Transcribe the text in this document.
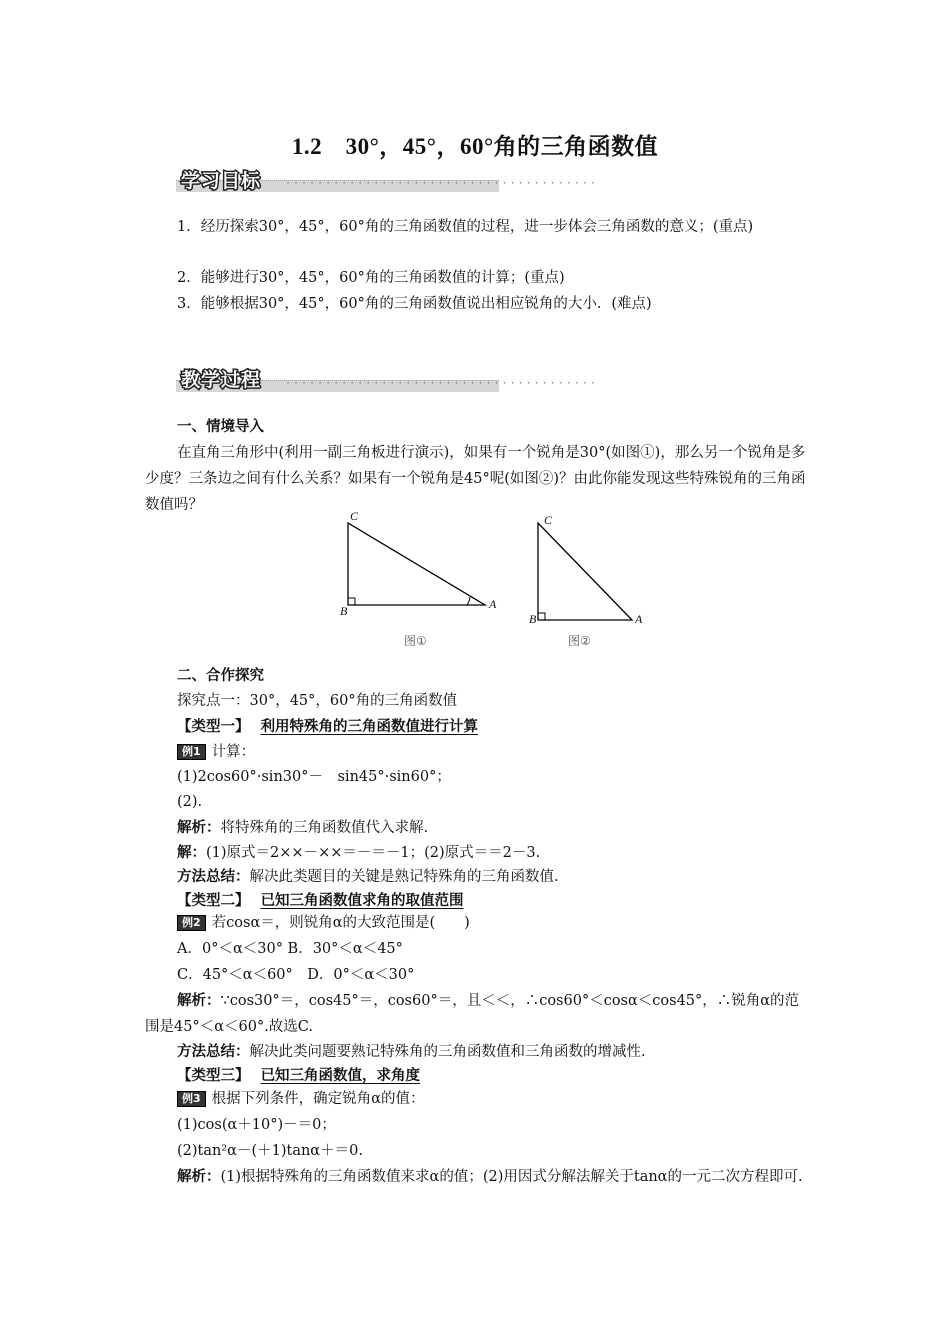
1.2　30°，45°，60°角的三角函数值
学习目标 ·······································
1．经历探索30°，45°，60°角的三角函数值的过程，进一步体会三角函数的意义；(重点)
2．能够进行30°，45°，60°角的三角函数值的计算；(重点)
3．能够根据30°，45°，60°角的三角函数值说出相应锐角的大小．(难点)
教学过程 ·······································
一、情境导入
在直角三角形中(利用一副三角板进行演示)，如果有一个锐角是30°(如图①)，那么另一个锐角是多少度？三条边之间有什么关系？如果有一个锐角是45°呢(如图②)？由此你能发现这些特殊锐角的三角函数值吗？
C
B	A
C
B	A
图①	图②
二、合作探究
探究点一：30°，45°，60°角的三角函数值
【类型一】 利用特殊角的三角函数值进行计算
例1 计算：
(1)2cos60°·sin30°－　sin45°·sin60°；
(2).
解析：将特殊角的三角函数值代入求解.
解：(1)原式＝2××－××＝－＝－1；(2)原式＝＝2－3.
方法总结：解决此类题目的关键是熟记特殊角的三角函数值.
【类型二】 已知三角函数值求角的取值范围
例2 若cosα＝，则锐角α的大致范围是(　　)
A．0°＜α＜30° B．30°＜α＜45°
C．45°＜α＜60°　D．0°＜α＜30°
解析：∵cos30°＝，cos45°＝，cos60°＝，且＜＜，∴cos60°＜cosα＜cos45°，∴锐角α的范围是45°＜α＜60°.故选C.
方法总结：解决此类问题要熟记特殊角的三角函数值和三角函数的增减性.
【类型三】 已知三角函数值，求角度
例3 根据下列条件，确定锐角α的值：
(1)cos(α＋10°)－＝0；
(2)tan²α－(＋1)tanα＋＝0.
解析：(1)根据特殊角的三角函数值来求α的值；(2)用因式分解法解关于tanα的一元二次方程即可.
